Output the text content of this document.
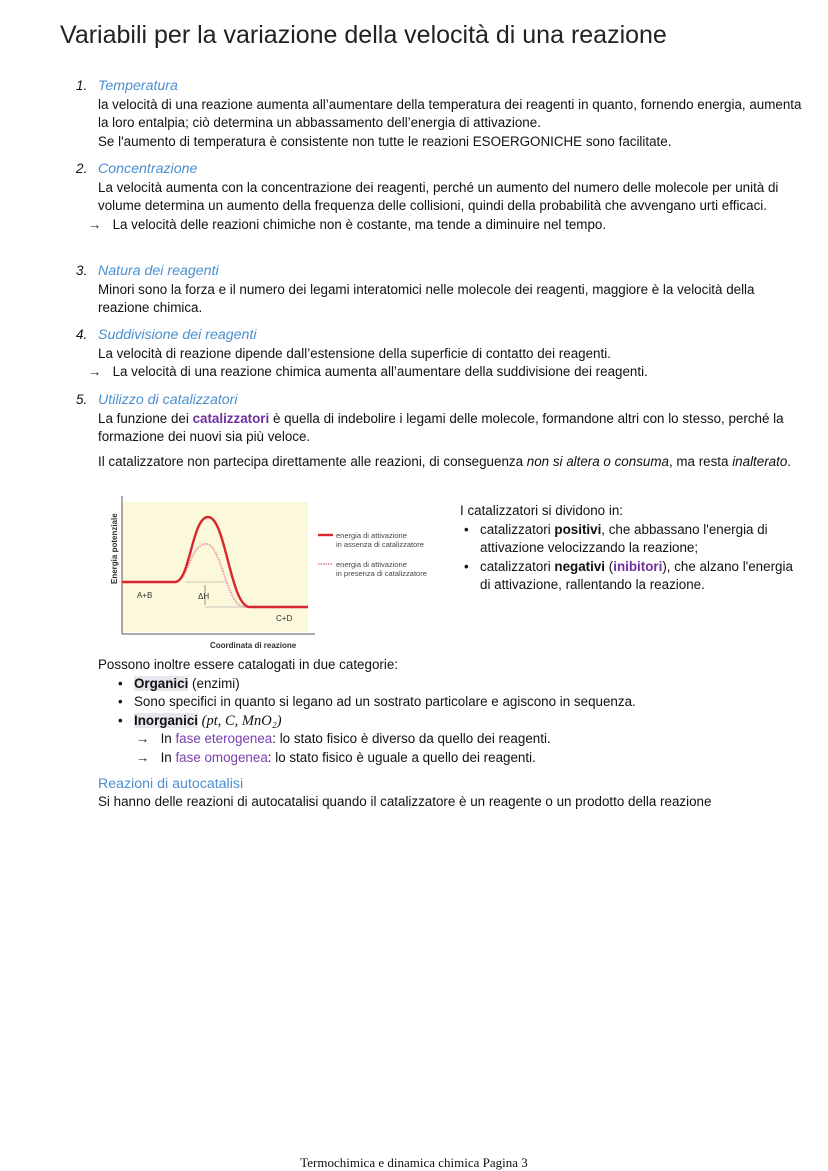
Variabili per la variazione della velocità di una reazione
1. Temperatura
la velocità di una reazione aumenta all’aumentare della temperatura dei reagenti in quanto, fornendo energia, aumenta la loro entalpia; ciò determina un abbassamento dell’energia di attivazione.
Se l'aumento di temperatura è consistente non tutte le reazioni ESOERGONICHE sono facilitate.
2. Concentrazione
La velocità aumenta con la concentrazione dei reagenti, perché un aumento del numero delle molecole per unità di volume determina un aumento della frequenza delle collisioni, quindi della probabilità che avvengano urti efficaci.
→ La velocità delle reazioni chimiche non è costante, ma tende a diminuire nel tempo.
3. Natura dei reagenti
Minori sono la forza e il numero dei legami interatomici nelle molecole dei reagenti, maggiore è la velocità della reazione chimica.
4. Suddivisione dei reagenti
La velocità di reazione dipende dall’estensione della superficie di contatto dei reagenti.
→ La velocità di una reazione chimica aumenta all’aumentare della suddivisione dei reagenti.
5. Utilizzo di catalizzatori
La funzione dei catalizzatori è quella di indebolire i legami delle molecole, formandone altri con lo stesso, perché la formazione dei nuovi sia più veloce.
Il catalizzatore non partecipa direttamente alle reazioni, di conseguenza non si altera o consuma, ma resta inalterato.
Energia potenziale
Coordinata di reazione
A+B	ΔH
C+D
energia di attivazione
in assenza di catalizzatore
energia di attivazione
in presenza di catalizzatore
I catalizzatori si dividono in:
• catalizzatori positivi, che abbassano l'energia di attivazione velocizzando la reazione;
• catalizzatori negativi (inibitori), che alzano l'energia di attivazione, rallentando la reazione.
Possono inoltre essere catalogati in due categorie:
• Organici (enzimi)
• Sono specifici in quanto si legano ad un sostrato particolare e agiscono in sequenza.
• Inorganici (pt, C, MnO₂)
→ In fase eterogenea: lo stato fisico è diverso da quello dei reagenti.
→ In fase omogenea: lo stato fisico è uguale a quello dei reagenti.
Reazioni di autocatalisi
Si hanno delle reazioni di autocatalisi quando il catalizzatore è un reagente o un prodotto della reazione
Termochimica e dinamica chimica Pagina 3
